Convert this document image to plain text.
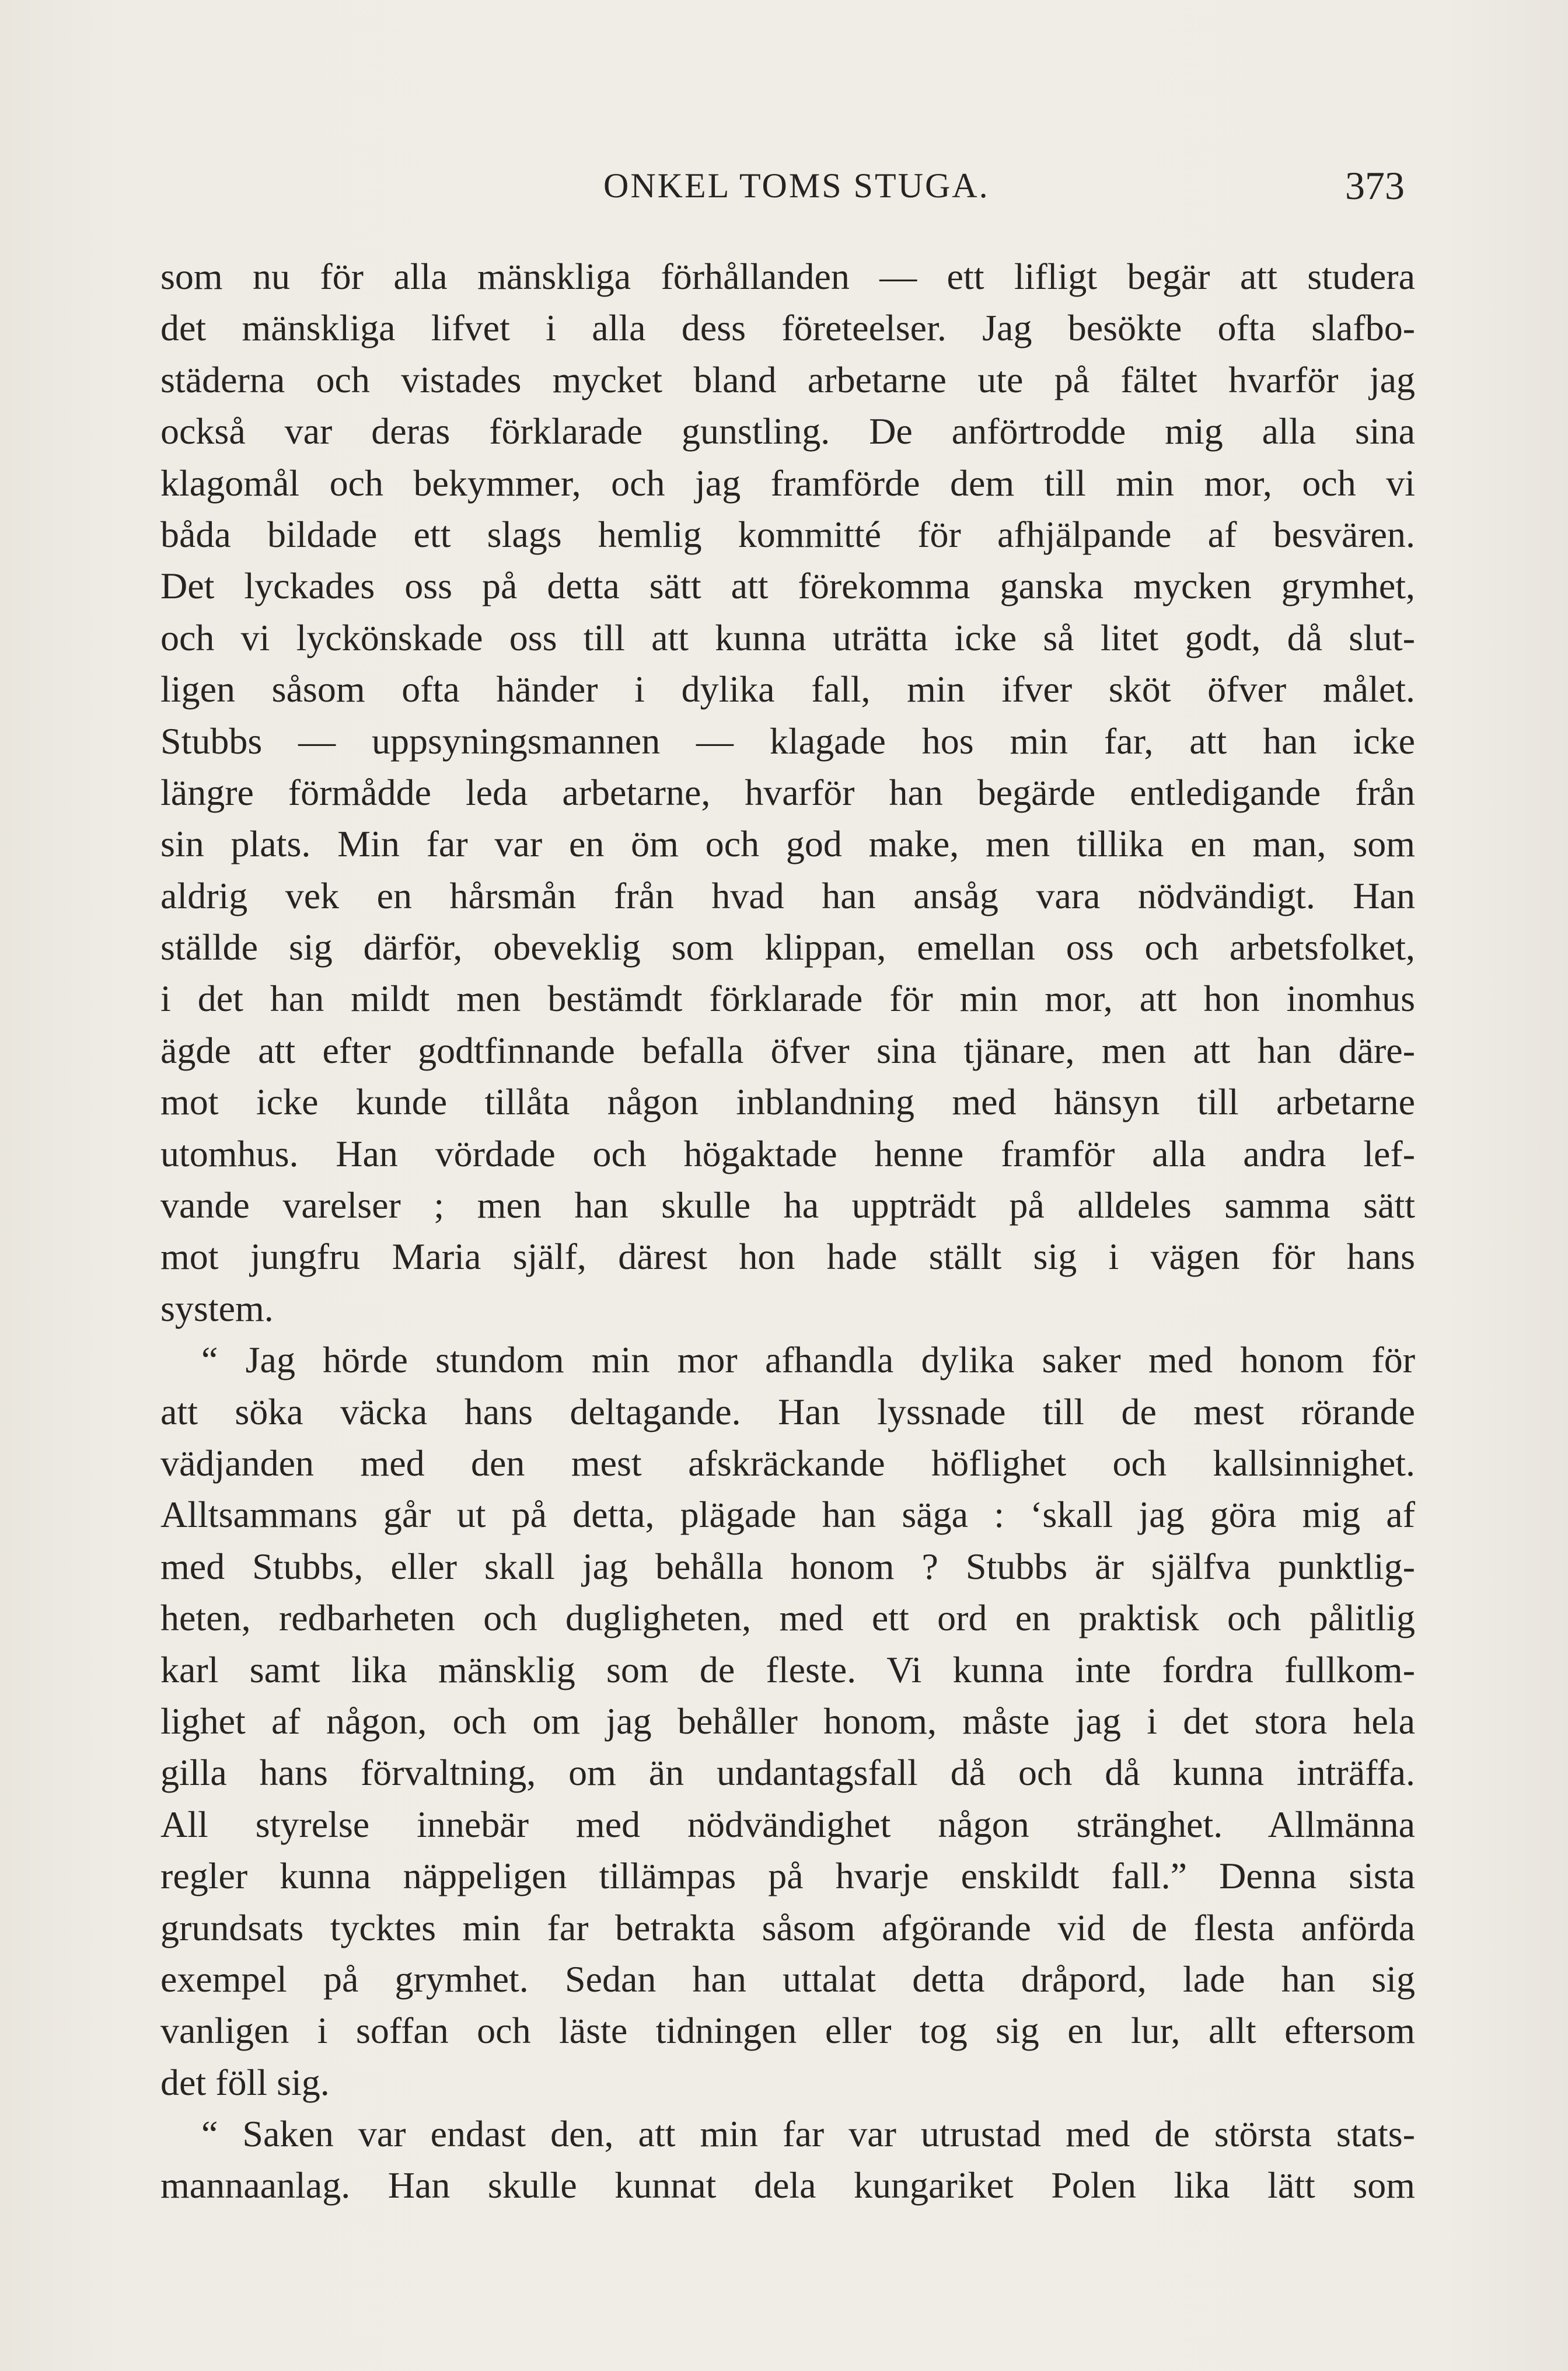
ONKEL TOMS STUGA.	373
som nu för alla mänskliga förhållanden — ett lifligt begär att studera
det mänskliga lifvet i alla dess företeelser. Jag besökte ofta slafbo-
städerna och vistades mycket bland arbetarne ute på fältet hvarför jag
också var deras förklarade gunstling. De anförtrodde mig alla sina
klagomål och bekymmer, och jag framförde dem till min mor, och vi
båda bildade ett slags hemlig kommitté för afhjälpande af besvären.
Det lyckades oss på detta sätt att förekomma ganska mycken grymhet,
och vi lyckönskade oss till att kunna uträtta icke så litet godt, då slut-
ligen såsom ofta händer i dylika fall, min ifver sköt öfver målet.
Stubbs — uppsyningsmannen — klagade hos min far, att han icke
längre förmådde leda arbetarne, hvarför han begärde entledigande från
sin plats. Min far var en öm och god make, men tillika en man, som
aldrig vek en hårsmån från hvad han ansåg vara nödvändigt. Han
ställde sig därför, obeveklig som klippan, emellan oss och arbetsfolket,
i det han mildt men bestämdt förklarade för min mor, att hon inomhus
ägde att efter godtfinnande befalla öfver sina tjänare, men att han däre-
mot icke kunde tillåta någon inblandning med hänsyn till arbetarne
utomhus. Han vördade och högaktade henne framför alla andra lef-
vande varelser ; men han skulle ha uppträdt på alldeles samma sätt
mot jungfru Maria själf, därest hon hade ställt sig i vägen för hans
system.
“ Jag hörde stundom min mor afhandla dylika saker med honom för
att söka väcka hans deltagande. Han lyssnade till de mest rörande
vädjanden med den mest afskräckande höflighet och kallsinnighet.
Alltsammans går ut på detta, plägade han säga : ‘skall jag göra mig af
med Stubbs, eller skall jag behålla honom ? Stubbs är själfva punktlig-
heten, redbarheten och dugligheten, med ett ord en praktisk och pålitlig
karl samt lika mänsklig som de fleste. Vi kunna inte fordra fullkom-
lighet af någon, och om jag behåller honom, måste jag i det stora hela
gilla hans förvaltning, om än undantagsfall då och då kunna inträffa.
All styrelse innebär med nödvändighet någon stränghet. Allmänna
regler kunna näppeligen tillämpas på hvarje enskildt fall.” Denna sista
grundsats tycktes min far betrakta såsom afgörande vid de flesta anförda
exempel på grymhet. Sedan han uttalat detta dråpord, lade han sig
vanligen i soffan och läste tidningen eller tog sig en lur, allt eftersom
det föll sig.
“ Saken var endast den, att min far var utrustad med de största stats-
mannaanlag. Han skulle kunnat dela kungariket Polen lika lätt som
